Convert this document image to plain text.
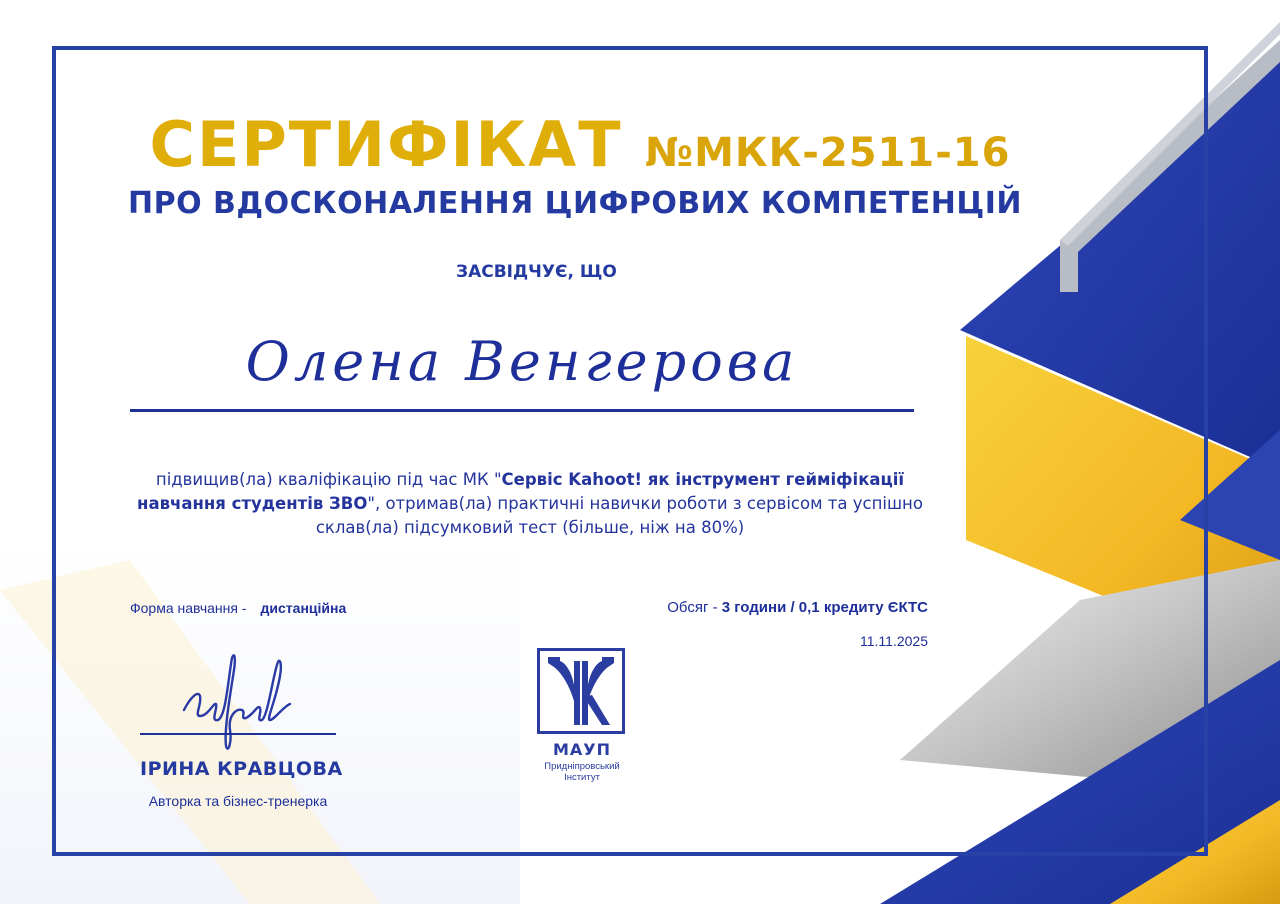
СЕРТИФІКАТ №МКК-2511-16
ПРО ВДОСКОНАЛЕННЯ ЦИФРОВИХ КОМПЕТЕНЦІЙ
ЗАСВІДЧУЄ, ЩО
Олена Венгерова
підвищив(ла) кваліфікацію під час МК "Сервіс Kahoot! як інструмент гейміфікації навчання студентів ЗВО", отримав(ла) практичні навички роботи з сервісом та успішно склав(ла) підсумковий тест (більше, ніж на 80%)
Форма навчання - дистанційна	Обсяг - 3 години / 0,1 кредиту ЄКТС
11.11.2025
ІРИНА КРАВЦОВА
Авторка та бізнес-тренерка
МАУП
Придніпровський
Інститут
